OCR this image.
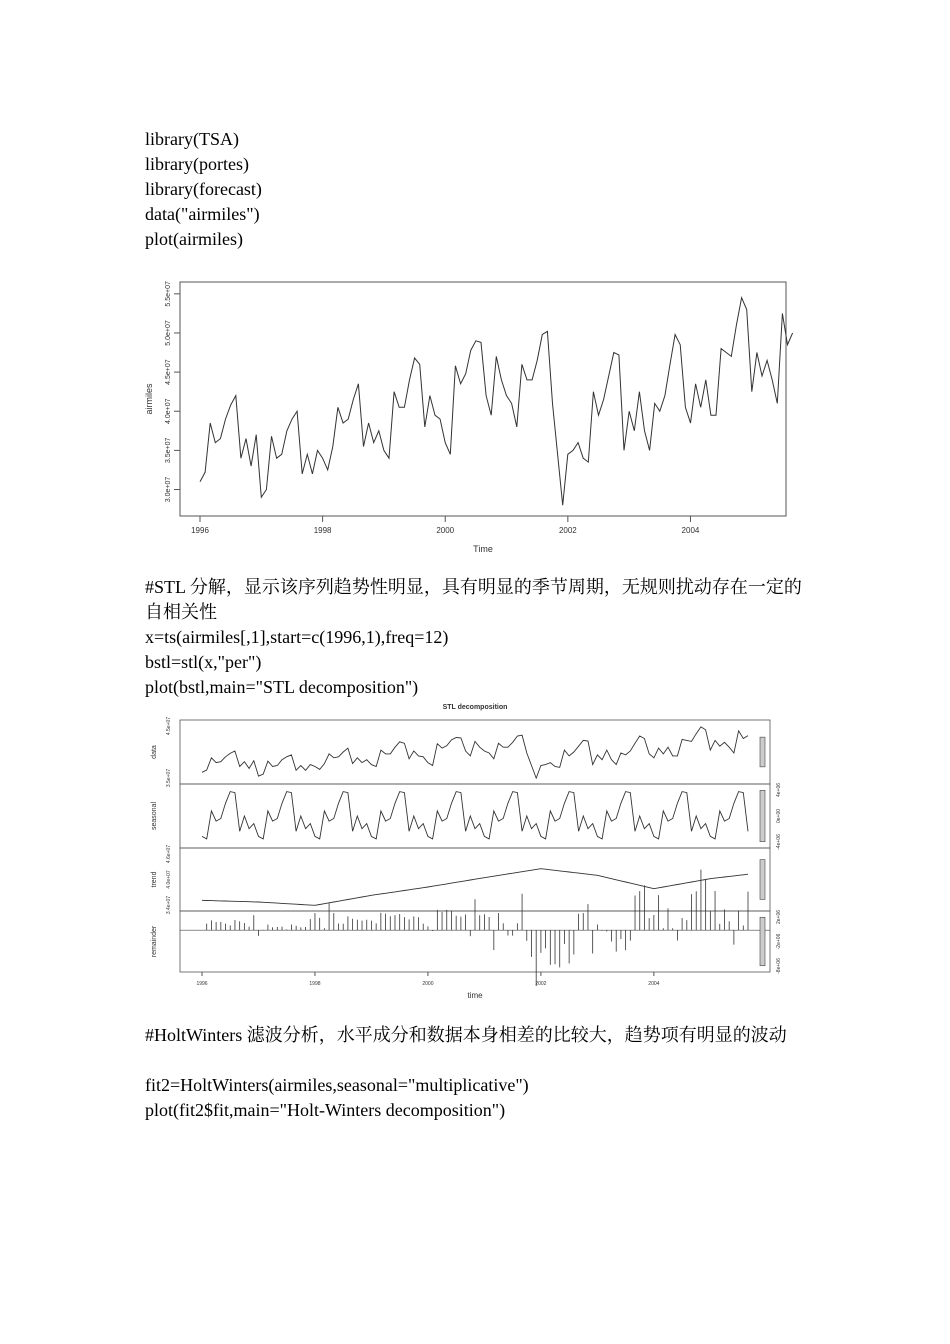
library(TSA)
library(portes)
library(forecast)
data("airmiles")
plot(airmiles)
3.0e+07
3.5e+07
4.0e+07
4.5e+07
5.0e+07
5.5e+07
1996	1998	2000	2002	2004
airmiles
Time
#STL 分解，显示该序列趋势性明显，具有明显的季节周期，无规则扰动存在一定的自相关性
x=ts(airmiles[,1],start=c(1996,1),freq=12)
bstl=stl(x,"per")
plot(bstl,main="STL decomposition")
STL decomposition
data
3.5e+07
4.5e+07
seasonal
-4e+06
0e+00
4e+06
trend
3.4e+07
4.0e+07
4.6e+07
remainder
-8e+06
-2e+06
2e+06
1996	1998	2000	2002	2004
time
#HoltWinters 滤波分析，水平成分和数据本身相差的比较大，趋势项有明显的波动
fit2=HoltWinters(airmiles,seasonal="multiplicative")
plot(fit2$fit,main="Holt-Winters decomposition")
